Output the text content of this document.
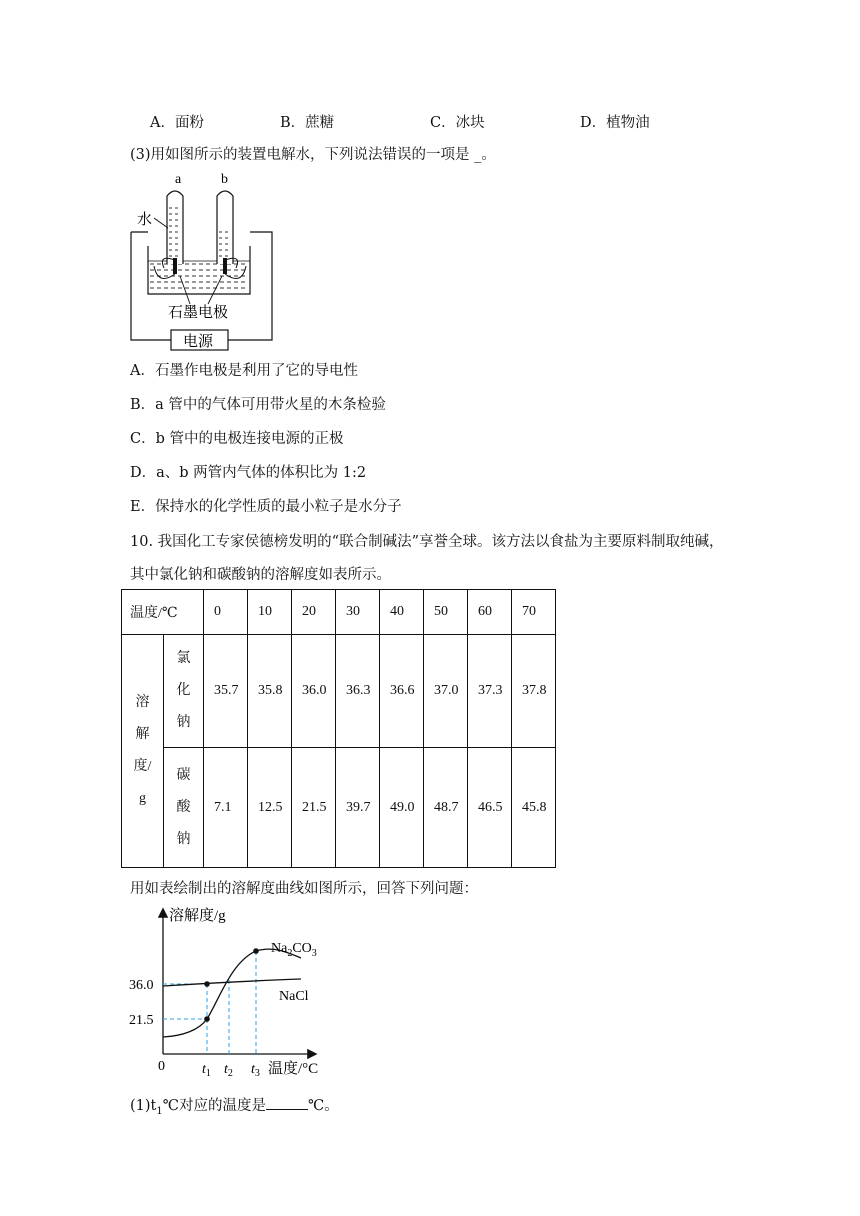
A．面粉	B．蔗糖	C．冰块	D．植物油
(3)用如图所示的装置电解水，下列说法错误的一项是 _。
a	b
水
石墨电极
电源
A．石墨作电极是利用了它的导电性
B．a 管中的气体可用带火星的木条检验
C．b 管中的电极连接电源的正极
D．a、b 两管内气体的体积比为 1:2
E．保持水的化学性质的最小粒子是水分子
10. 我国化工专家侯德榜发明的“联合制碱法”享誉全球。该方法以食盐为主要原料制取纯碱，
其中氯化钠和碳酸钠的溶解度如表所示。
温度/℃		0	10	20	30	40	50	60	70

溶解度/g	氯化钠	35.7	35.8	36.0	36.3	36.6	37.0	37.3	37.8

	碳酸钠	7.1	12.5	21.5	39.7	49.0	48.7	46.5	45.8
用如表绘制出的溶解度曲线如图所示，回答下列问题：
溶解度/g
温度/°C
0
36.0
21.5
$Na_2CO_3$
NaCl
$t_1$ $t_2$ $t_3$
$(1)t_1℃$对应的温度是	℃。
